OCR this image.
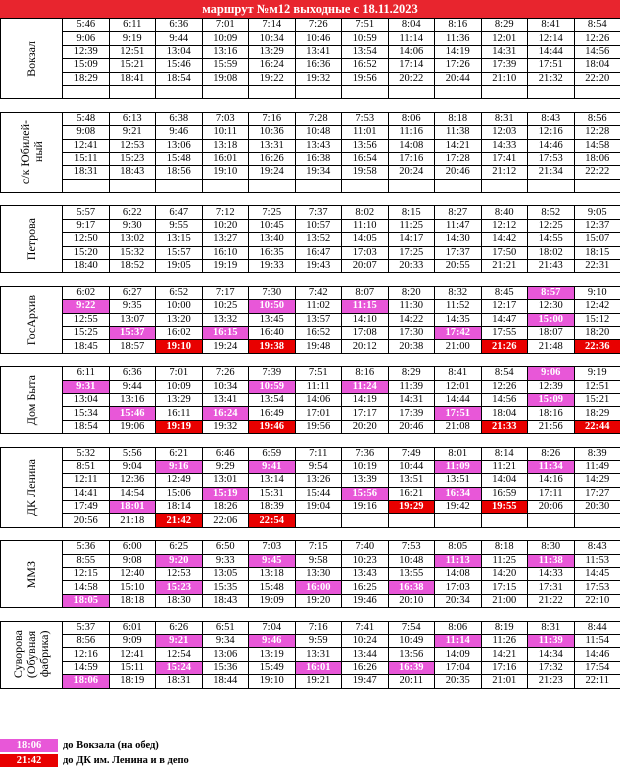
маршрут №м12 выходные с 18.11.2023
Вокзал	5:46	6:11	6:36	7:01	7:14	7:26	7:51	8:04	8:16	8:29	8:41	8:54
	9:06	9:19	9:44	10:09	10:34	10:46	10:59	11:14	11:36	12:01	12:14	12:26
	12:39	12:51	13:04	13:16	13:29	13:41	13:54	14:06	14:19	14:31	14:44	14:56
	15:09	15:21	15:46	15:59	16:24	16:36	16:52	17:14	17:26	17:39	17:51	18:04
	18:29	18:41	18:54	19:08	19:22	19:32	19:56	20:22	20:44	21:10	21:32	22:20

с/к Юбилей-
ный	5:48	6:13	6:38	7:03	7:16	7:28	7:53	8:06	8:18	8:31	8:43	8:56
	9:08	9:21	9:46	10:11	10:36	10:48	11:01	11:16	11:38	12:03	12:16	12:28
	12:41	12:53	13:06	13:18	13:31	13:43	13:56	14:08	14:21	14:33	14:46	14:58
	15:11	15:23	15:48	16:01	16:26	16:38	16:54	17:16	17:28	17:41	17:53	18:06
	18:31	18:43	18:56	19:10	19:24	19:34	19:58	20:24	20:46	21:12	21:34	22:22

Петрова	5:57	6:22	6:47	7:12	7:25	7:37	8:02	8:15	8:27	8:40	8:52	9:05
	9:17	9:30	9:55	10:20	10:45	10:57	11:10	11:25	11:47	12:12	12:25	12:37
	12:50	13:02	13:15	13:27	13:40	13:52	14:05	14:17	14:30	14:42	14:55	15:07
	15:20	15:32	15:57	16:10	16:35	16:47	17:03	17:25	17:37	17:50	18:02	18:15
	18:40	18:52	19:05	19:19	19:33	19:43	20:07	20:33	20:55	21:21	21:43	22:31

ГосАрхив	6:02	6:27	6:52	7:17	7:30	7:42	8:07	8:20	8:32	8:45	8:57	9:10
	9:22	9:35	10:00	10:25	10:50	11:02	11:15	11:30	11:52	12:17	12:30	12:42
	12:55	13:07	13:20	13:32	13:45	13:57	14:10	14:22	14:35	14:47	15:00	15:12
	15:25	15:37	16:02	16:15	16:40	16:52	17:08	17:30	17:42	17:55	18:07	18:20
	18:45	18:57	19:10	19:24	19:38	19:48	20:12	20:38	21:00	21:26	21:48	22:36

Дом Быта	6:11	6:36	7:01	7:26	7:39	7:51	8:16	8:29	8:41	8:54	9:06	9:19
	9:31	9:44	10:09	10:34	10:59	11:11	11:24	11:39	12:01	12:26	12:39	12:51
	13:04	13:16	13:29	13:41	13:54	14:06	14:19	14:31	14:44	14:56	15:09	15:21
	15:34	15:46	16:11	16:24	16:49	17:01	17:17	17:39	17:51	18:04	18:16	18:29
	18:54	19:06	19:19	19:32	19:46	19:56	20:20	20:46	21:08	21:33	21:56	22:44

ДК Ленина	5:32	5:56	6:21	6:46	6:59	7:11	7:36	7:49	8:01	8:14	8:26	8:39
	8:51	9:04	9:16	9:29	9:41	9:54	10:19	10:44	11:09	11:21	11:34	11:49
	12:11	12:36	12:49	13:01	13:14	13:26	13:39	13:51	13:51	14:04	14:16	14:29
	14:41	14:54	15:06	15:19	15:31	15:44	15:56	16:21	16:34	16:59	17:11	17:27
	17:49	18:01	18:14	18:26	18:39	19:04	19:16	19:29	19:42	19:55	20:06	20:30
	20:56	21:18	21:42	22:06	22:54							

ММЗ	5:36	6:00	6:25	6:50	7:03	7:15	7:40	7:53	8:05	8:18	8:30	8:43
	8:55	9:08	9:20	9:33	9:45	9:58	10:23	10:48	11:13	11:25	11:38	11:53
	12:15	12:40	12:53	13:05	13:18	13:30	13:43	13:55	14:08	14:20	14:33	14:45
	14:58	15:10	15:23	15:35	15:48	16:00	16:25	16:38	17:03	17:15	17:31	17:53
	18:05	18:18	18:30	18:43	19:09	19:20	19:46	20:10	20:34	21:00	21:22	22:10

Суворова
(Обувная
фабрика)	5:37	6:01	6:26	6:51	7:04	7:16	7:41	7:54	8:06	8:19	8:31	8:44
	8:56	9:09	9:21	9:34	9:46	9:59	10:24	10:49	11:14	11:26	11:39	11:54
	12:16	12:41	12:54	13:06	13:19	13:31	13:44	13:56	14:09	14:21	14:34	14:46
	14:59	15:11	15:24	15:36	15:49	16:01	16:26	16:39	17:04	17:16	17:32	17:54
	18:06	18:19	18:31	18:44	19:10	19:21	19:47	20:11	20:35	21:01	21:23	22:11
18:06	до Вокзала (на обед)
21:42	до ДК им. Ленина и в депо
